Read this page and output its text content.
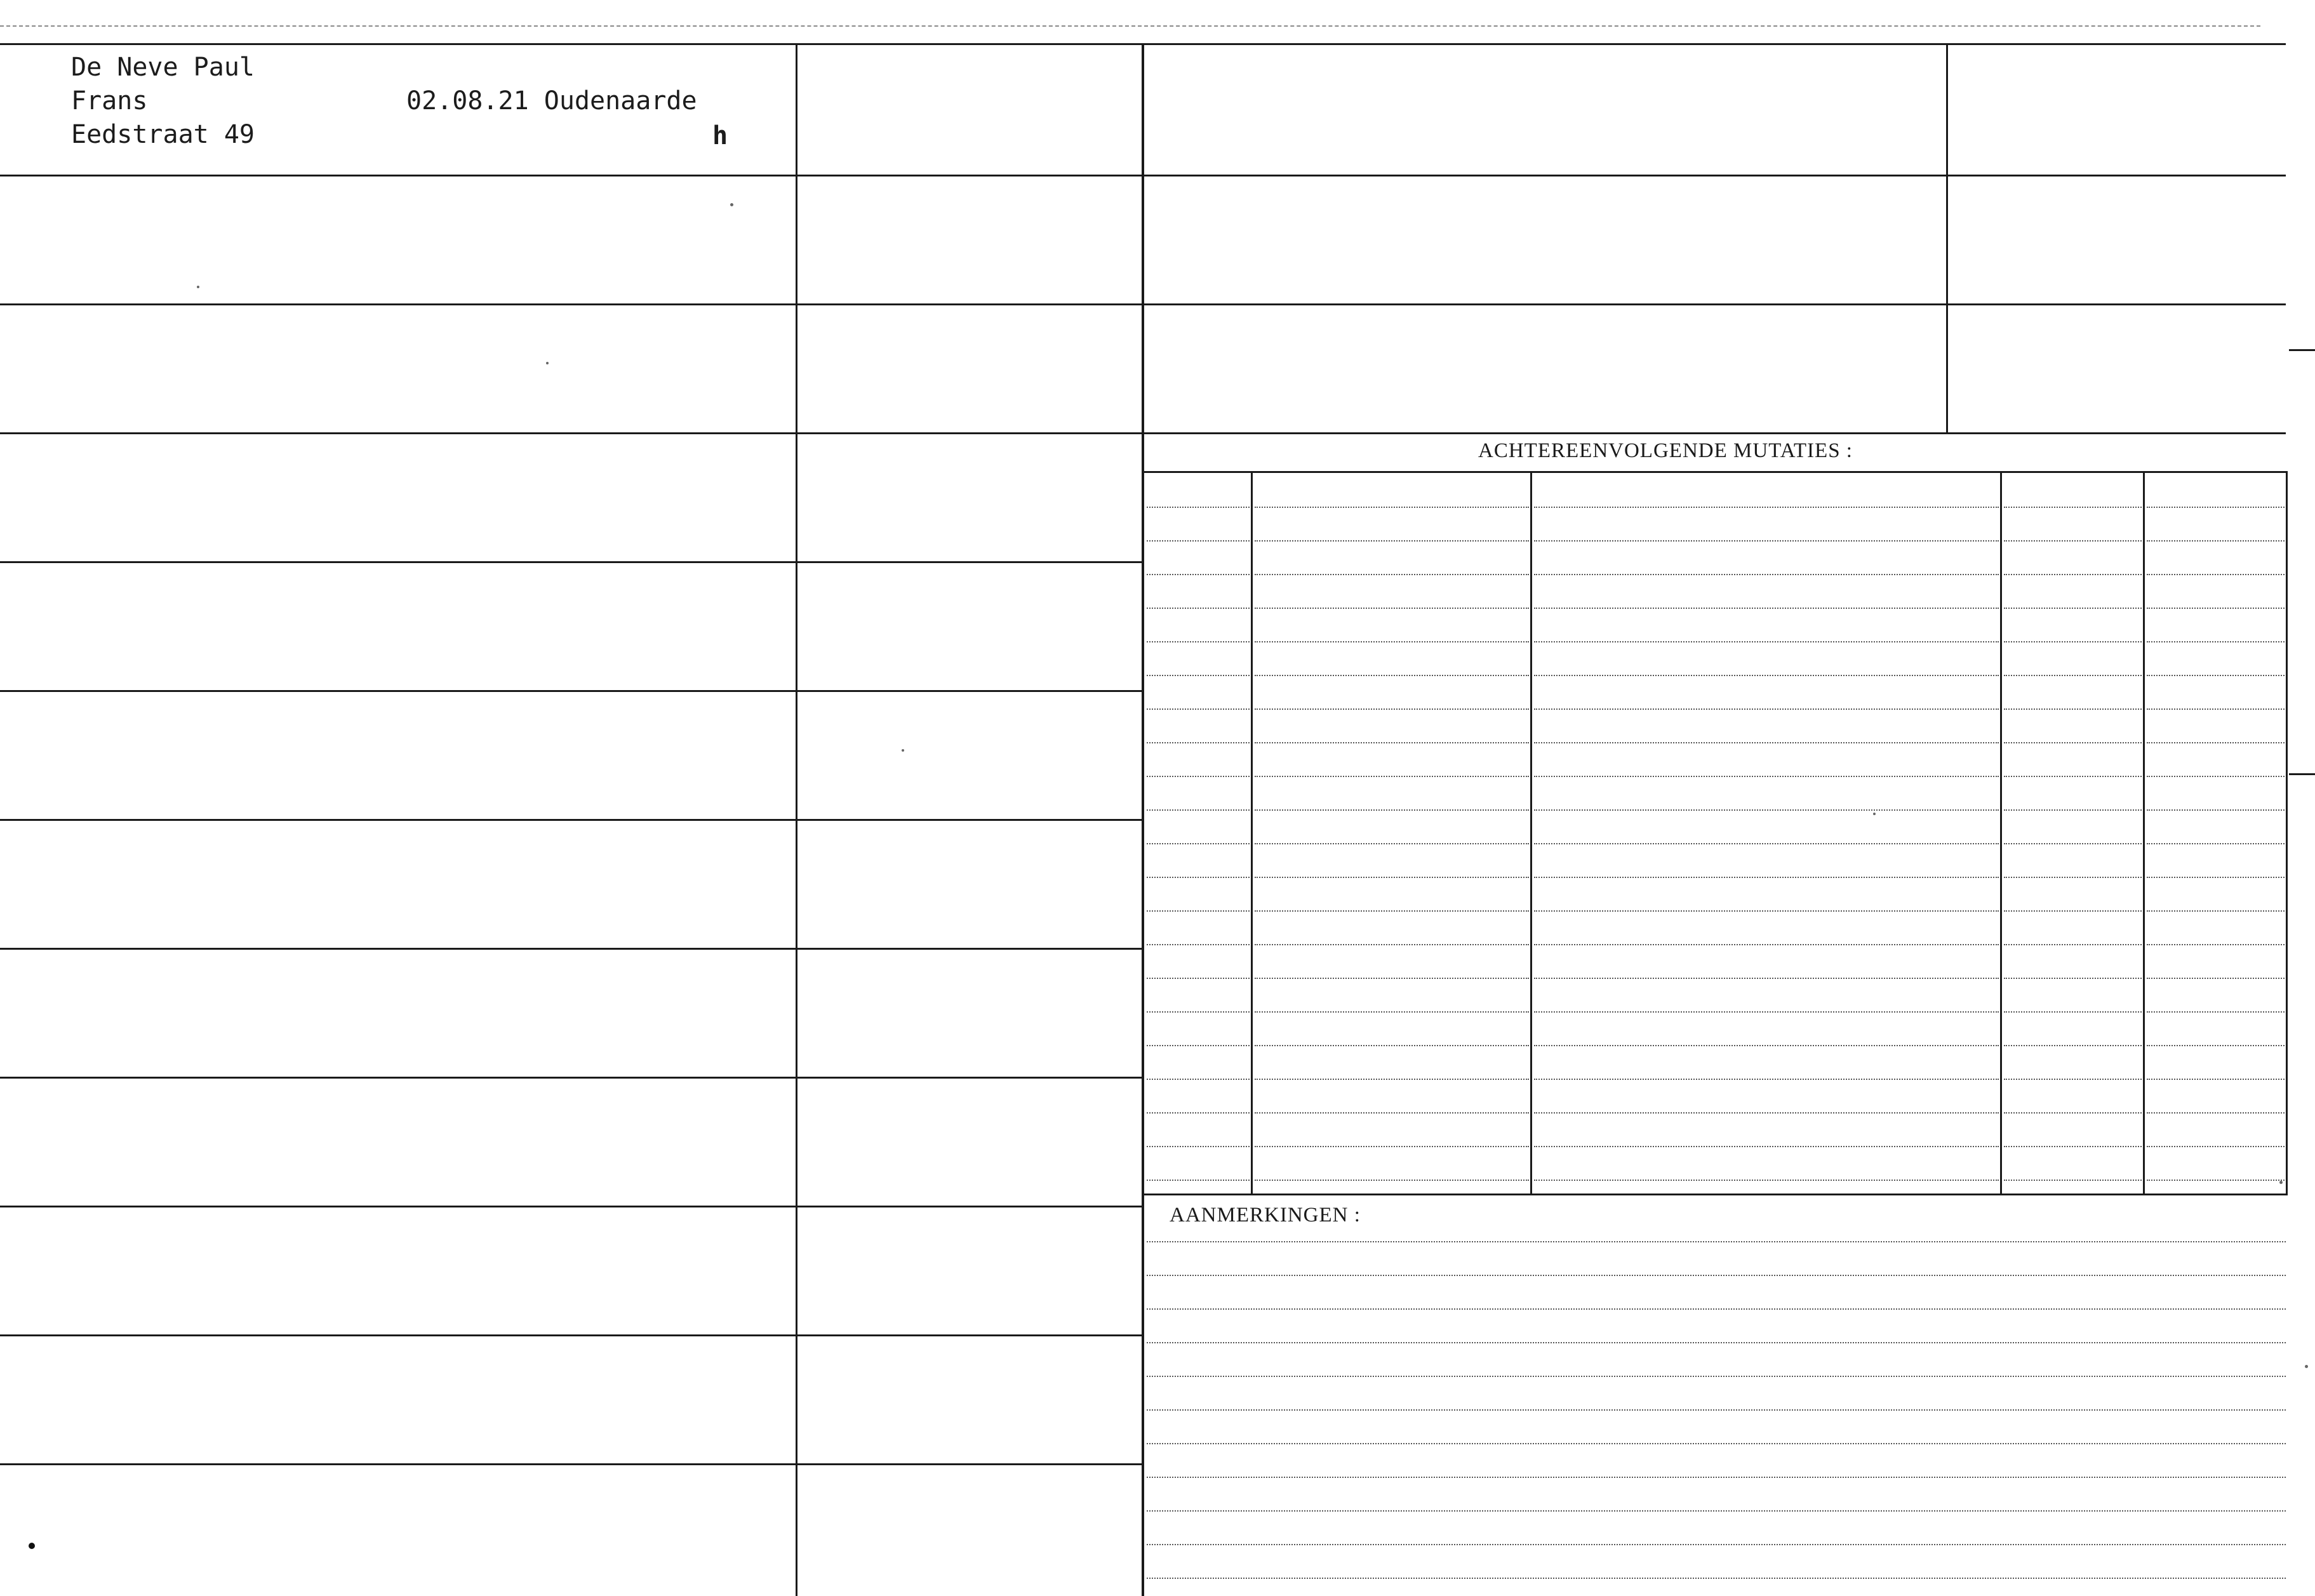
De Neve Paul
Frans
Eedstraat 49
02.08.21 Oudenaarde
h
ACHTEREENVOLGENDE MUTATIES :
AANMERKINGEN :
